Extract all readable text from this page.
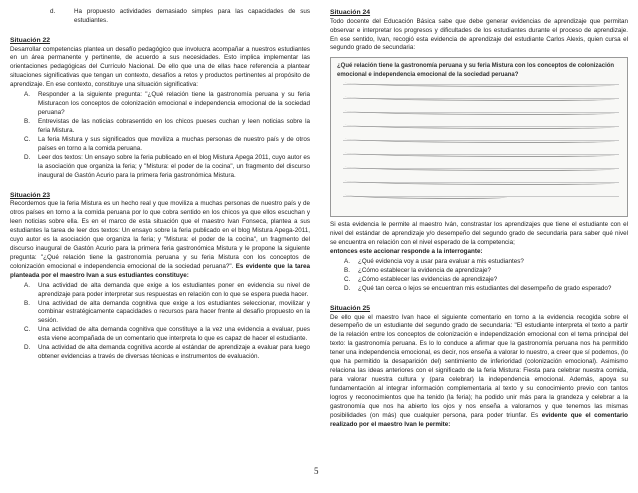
d.	Ha propuesto actividades demasiado simples para las capacidades de sus estudiantes.
Situación 22

Desarrollar competencias plantea un desafío pedagógico que involucra acompañar a nuestros estudiantes en un área permanente y pertinente, de acuerdo a sus necesidades. Esto implica implementar las orientaciones pedagógicas del Currículo Nacional. De ello que una de ellas hace referencia a plantear situaciones significativas que tengan un contexto, desafíos a retos y productos pertinentes al propósito de aprendizaje. En ese contexto, constituye una situación significativa:

A. Responder a la siguiente pregunta: "¿Qué relación tiene la gastronomía peruana y su feria Misturacon los conceptos de colonización emocional e independencia emocional de la sociedad peruana?
B. Entrevistas de las noticias cobrasentido en los chicos pueses cuchan y leen noticias sobre la feria Mistura.
C. La feria Mistura y sus significados que moviliza a muchas personas de nuestro país y de otros países en torno a la comida peruana.
D. Leer dos textos: Un ensayo sobre la feria publicado en el blog Mistura Apega 2011, cuyo autor es la asociación que organiza la feria; y "Mistura: el poder de la cocina", un fragmento del discurso inaugural de Gastón Acurio para la primera feria gastronómica Mistura.
Situación 23

Recordemos que la feria Mistura es un hecho real y que moviliza a muchas personas de nuestro país y de otros países en torno a la comida peruana por lo que cobra sentido en los chicos ya que ellos escuchan y leen noticias sobre ella. Es en el marco de esta situación que el maestro Ivan Fonseca, plantea a sus estudiantes la tarea de leer dos textos: Un ensayo sobre la feria publicado en el blog Mistura Apega-2011, cuyo autor es la asociación que organiza la feria; y "Mistura: el poder de la cocina", un fragmento del discurso inaugural de Gastón Acurio para la primera feria gastronómica Mistura y le propone la siguiente pregunta: "¿Qué relación tiene la gastronomía peruana y su feria Mistura con los conceptos de colonización emocional e independencia emocional de la sociedad peruana?". Es evidente que la tarea planteada por el maestro Ivan a sus estudiantes constituye:

A. Una actividad de alta demanda que exige a los estudiantes poner en evidencia su nivel de aprendizaje para poder interpretar sus respuestas en relación con lo que se espera pueda hacer.
B. Una actividad de alta demanda cognitiva que exige a los estudiantes seleccionar, movilizar y combinar estratégicamente capacidades o recursos para hacer frente al desafío propuesto en la sesión.
C. Una actividad de alta demanda cognitiva que constituye a la vez una evidencia a evaluar, pues esta viene acompañada de un comentario que interpreta lo que es capaz de hacer el estudiante.
D. Una actividad de alta demanda cognitiva acorde al estándar de aprendizaje a evaluar para luego obtener evidencias a través de diversas técnicas e instrumentos de evaluación.
Situación 24

Todo docente del Educación Básica sabe que debe generar evidencias de aprendizaje que permitan observar e interpretar los progresos y dificultades de los estudiantes durante el proceso de aprendizaje. En ese sentido, Ivan, recogió esta evidencia de aprendizaje del estudiante Carlos Alexis, quien cursa el segundo grado de secundaria:

¿Qué relación tiene la gastronomía peruana y su feria Mistura con los conceptos de colonización emocional e independencia emocional de la sociedad peruana?

Si esta evidencia le permite al maestro Iván, constrastar los aprendizajes que tiene el estudiante con el nivel del estándar de aprendizaje y/o desempeño del segundo grado de secundaria para saber qué nivel se encuentra en relación con el nivel esperado de la competencia;

entonces este accionar responde a la interrogante:

A. ¿Qué evidencia voy a usar para evaluar a mis estudiantes?
B. ¿Cómo establecer la evidencia de aprendizaje?
C. ¿Cómo establecer las evidencias de aprendizaje?
D. ¿Qué tan cerca o lejos se encuentran mis estudiantes del desempeño de grado esperado?
Situación 25

De ello que el maestro Ivan hace el siguiente comentario en torno a la evidencia recogida sobre el desempeño de un estudiante del segundo grado de secundaria: "El estudiante interpreta el texto a partir de la relación entre los conceptos de colonización e independización emocional con el tema principal del texto: la gastronomía peruana. Es lo lo conduce a afirmar que la gastronomía peruana nos ha permitido tener una independencia emocional, es decir, nos enseña a valorar lo nuestro, a creer que sí podemos, (lo que ha permitido la desaparición del) sentimiento de inferioridad (colonización emocional). Asimismo relaciona las ideas anteriores con el significado de la feria Mistura: Fiesta para celebrar nuestra comida, para valorar nuestra cultura y (para celebrar) la independencia emocional. Además, apoya su fundamentación al integrar información complementaria al texto y su conocimiento previo con tantos logros y reconocimientos que ha tenido (la feria); ha podido unir más para la grandeza y celebrar a la gastronomía que nos ha abierto los ojos y nos enseña a valorarnos y que tenemos las mismas posibilidades (on más) que cualquier persona, para poder triunfar. Es evidente que el comentario realizado por el maestro Ivan le permite:

5
